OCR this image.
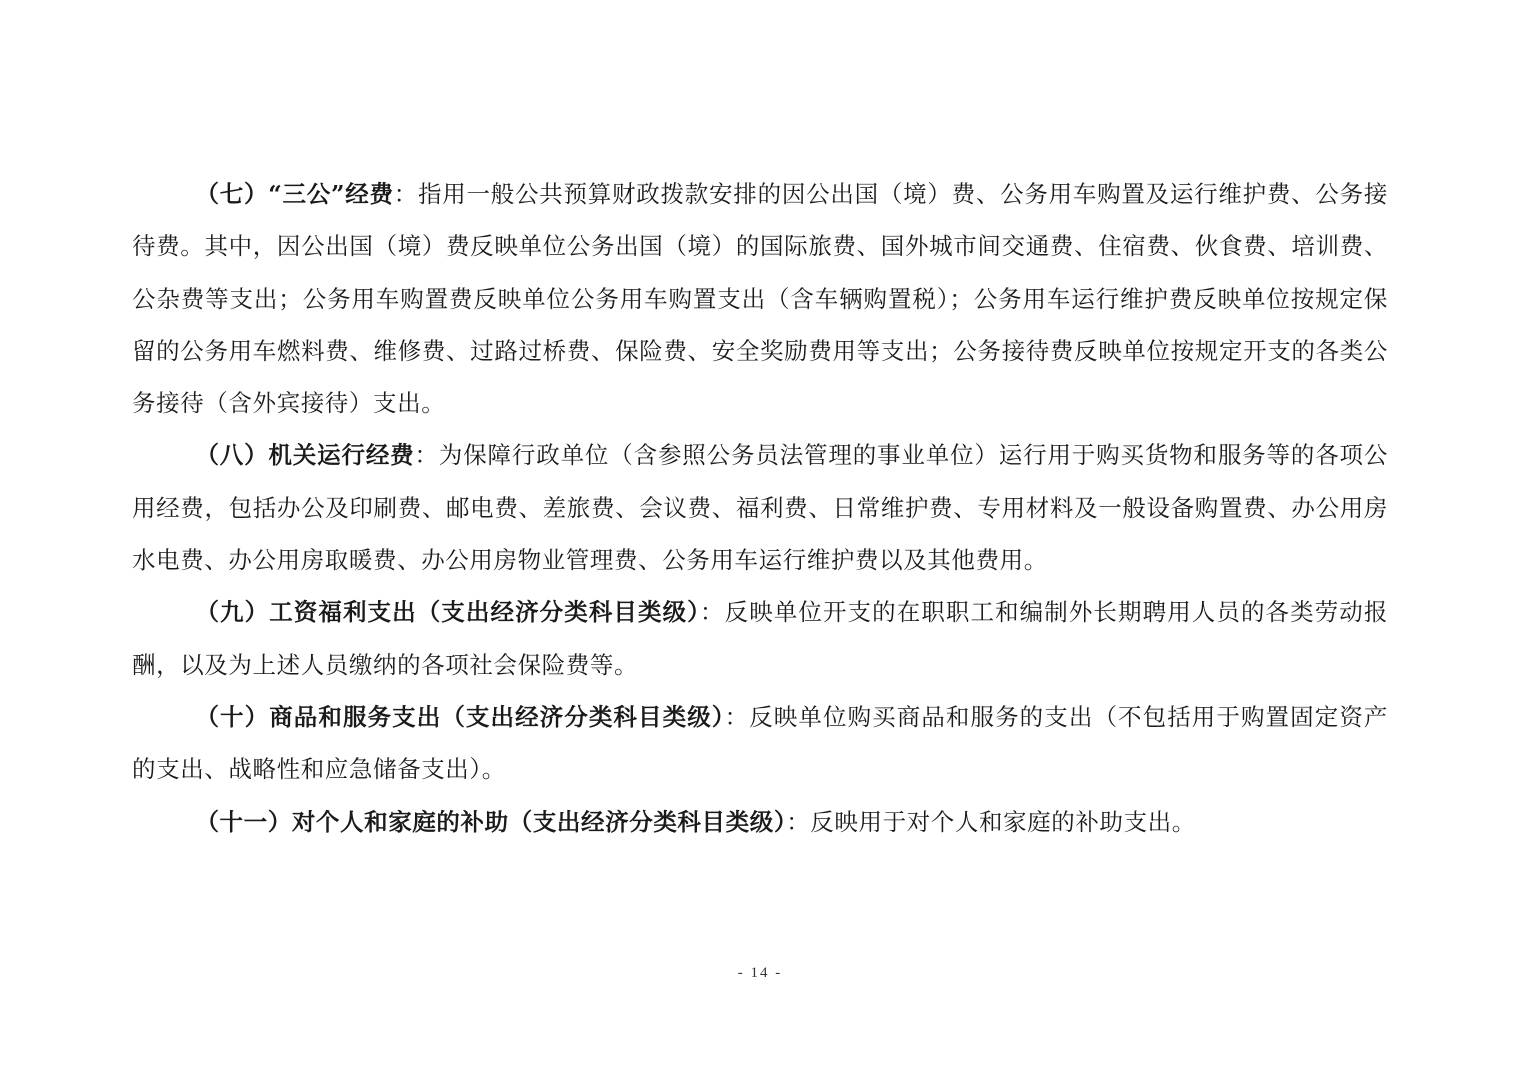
（七）“三公”经费：指用一般公共预算财政拨款安排的因公出国（境）费、公务用车购置及运行维护费、公务接待费。其中，因公出国（境）费反映单位公务出国（境）的国际旅费、国外城市间交通费、住宿费、伙食费、培训费、公杂费等支出；公务用车购置费反映单位公务用车购置支出（含车辆购置税）；公务用车运行维护费反映单位按规定保留的公务用车燃料费、维修费、过路过桥费、保险费、安全奖励费用等支出；公务接待费反映单位按规定开支的各类公务接待（含外宾接待）支出。

（八）机关运行经费：为保障行政单位（含参照公务员法管理的事业单位）运行用于购买货物和服务等的各项公用经费，包括办公及印刷费、邮电费、差旅费、会议费、福利费、日常维护费、专用材料及一般设备购置费、办公用房水电费、办公用房取暖费、办公用房物业管理费、公务用车运行维护费以及其他费用。

（九）工资福利支出（支出经济分类科目类级）：反映单位开支的在职职工和编制外长期聘用人员的各类劳动报酬，以及为上述人员缴纳的各项社会保险费等。

（十）商品和服务支出（支出经济分类科目类级）：反映单位购买商品和服务的支出（不包括用于购置固定资产的支出、战略性和应急储备支出）。

（十一）对个人和家庭的补助（支出经济分类科目类级）：反映用于对个人和家庭的补助支出。

- 14 -
